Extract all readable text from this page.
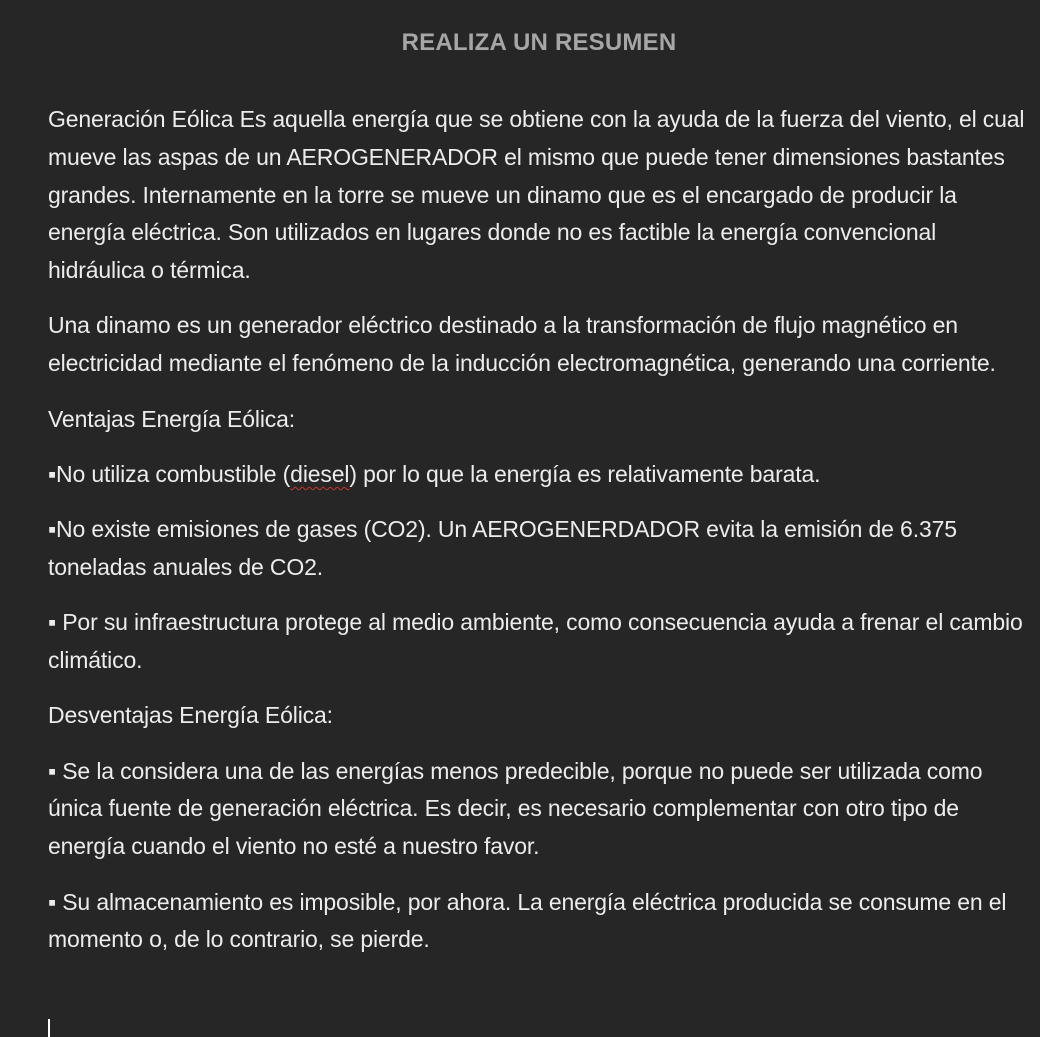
REALIZA UN RESUMEN

Generación Eólica Es aquella energía que se obtiene con la ayuda de la fuerza del viento, el cual mueve las aspas de un AEROGENERADOR el mismo que puede tener dimensiones bastantes grandes. Internamente en la torre se mueve un dinamo que es el encargado de producir la energía eléctrica. Son utilizados en lugares donde no es factible la energía convencional hidráulica o térmica.

Una dinamo es un generador eléctrico destinado a la transformación de flujo magnético en electricidad mediante el fenómeno de la inducción electromagnética, generando una corriente.

Ventajas Energía Eólica:

▪No utiliza combustible (diesel) por lo que la energía es relativamente barata.

▪No existe emisiones de gases (CO2). Un AEROGENERDADOR evita la emisión de 6.375 toneladas anuales de CO2.

▪ Por su infraestructura protege al medio ambiente, como consecuencia ayuda a frenar el cambio climático.

Desventajas Energía Eólica:

▪ Se la considera una de las energías menos predecible, porque no puede ser utilizada como única fuente de generación eléctrica. Es decir, es necesario complementar con otro tipo de energía cuando el viento no esté a nuestro favor.

▪ Su almacenamiento es imposible, por ahora. La energía eléctrica producida se consume en el momento o, de lo contrario, se pierde.
